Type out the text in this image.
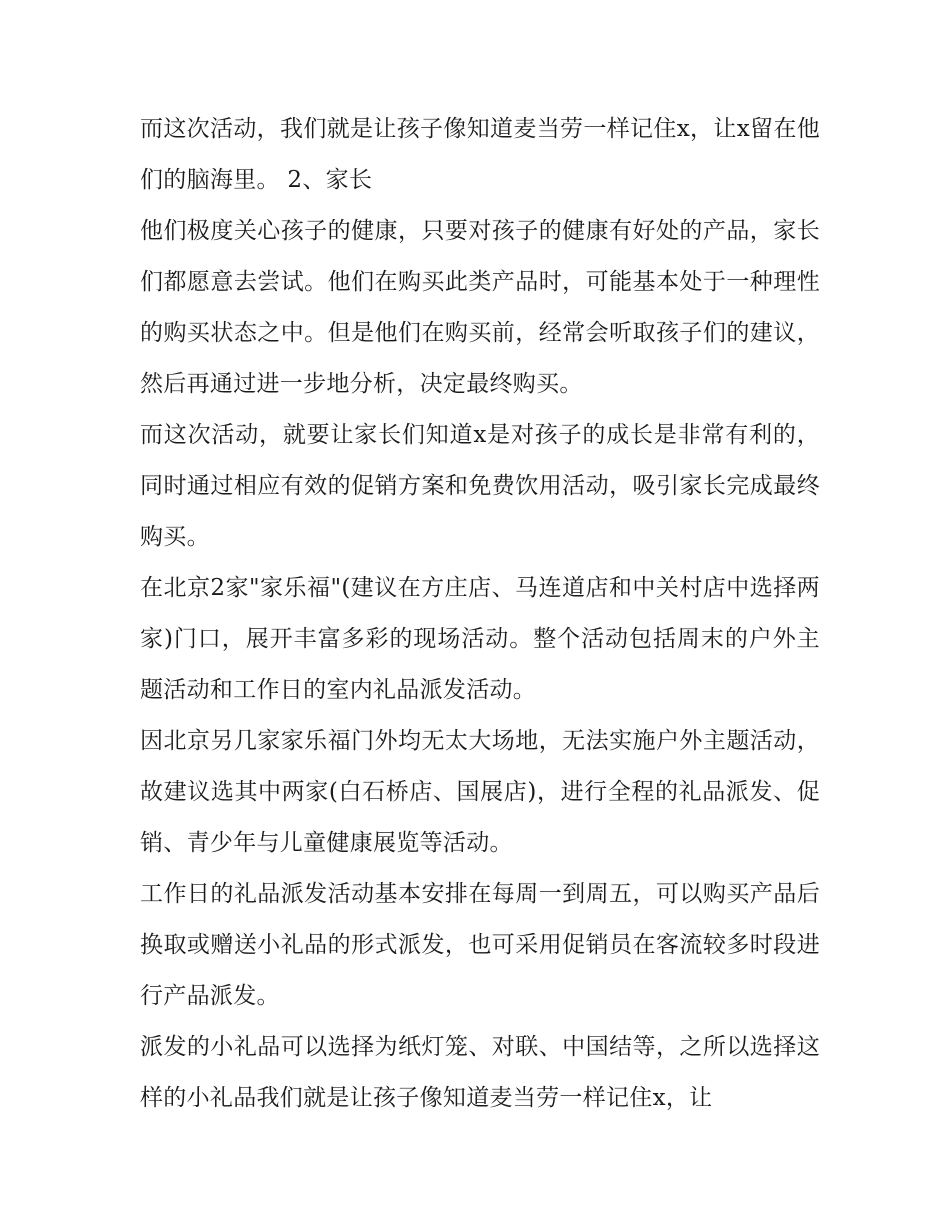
而这次活动，我们就是让孩子像知道麦当劳一样记住x，让x留在他们的脑海里。 2、家长

他们极度关心孩子的健康，只要对孩子的健康有好处的产品，家长们都愿意去尝试。他们在购买此类产品时，可能基本处于一种理性的购买状态之中。但是他们在购买前，经常会听取孩子们的建议，然后再通过进一步地分析，决定最终购买。

而这次活动，就要让家长们知道x是对孩子的成长是非常有利的，同时通过相应有效的促销方案和免费饮用活动，吸引家长完成最终购买。

在北京2家"家乐福"(建议在方庄店、马连道店和中关村店中选择两家)门口，展开丰富多彩的现场活动。整个活动包括周末的户外主题活动和工作日的室内礼品派发活动。

因北京另几家家乐福门外均无太大场地，无法实施户外主题活动，故建议选其中两家(白石桥店、国展店)，进行全程的礼品派发、促销、青少年与儿童健康展览等活动。

工作日的礼品派发活动基本安排在每周一到周五，可以购买产品后换取或赠送小礼品的形式派发，也可采用促销员在客流较多时段进行产品派发。

派发的小礼品可以选择为纸灯笼、对联、中国结等，之所以选择这样的小礼品我们就是让孩子像知道麦当劳一样记住x，让
